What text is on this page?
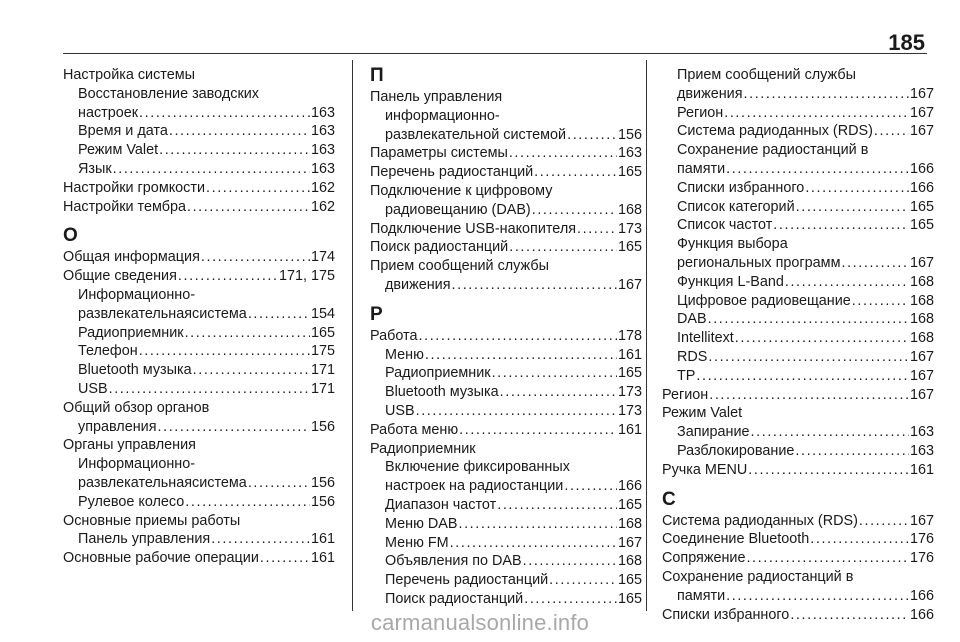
185
Настройка системы
Восстановление заводских
настроек . . .	163
Время и дата . . .	163
Режим Valet . . .	163
Язык . . .	163
Настройки громкости . . .	162
Настройки тембра . . .	162
О
Общая информация . . .	174
Общие сведения . . .	171, 175
Информационно-
развлекательнаясистема . . .	154
Радиоприемник . . .	165
Телефон . . .	175
Bluetooth музыка . . .	171
USB . . .	171
Общий обзор органов
управления . . .	156
Органы управления
Информационно-
развлекательнаясистема . . .	156
Рулевое колесо . . .	156
Основные приемы работы
Панель управления . . .	161
Основные рабочие операции . . .	161
П
Панель управления
информационно-
развлекательной системой . . .	156
Параметры системы . . .	163
Перечень радиостанций . . .	165
Подключение к цифровому
радиовещанию (DAB) . . .	168
Подключение USB-накопителя . . .	173
Поиск радиостанций . . .	165
Прием сообщений службы
движения . . .	167
Р
Работа . . .	178
Меню . . .	161
Радиоприемник . . .	165
Bluetooth музыка . . .	173
USB . . .	173
Работа меню . . .	161
Радиоприемник
Включение фиксированных
настроек на радиостанции . . .	166
Диапазон частот . . .	165
Меню DAB . . .	168
Меню FM . . .	167
Объявления по DAB . . .	168
Перечень радиостанций . . .	165
Поиск радиостанций . . .	165
Прием сообщений службы
движения . . .	167
Регион . . .	167
Система радиоданных (RDS) . . .	167
Сохранение радиостанций в
памяти . . .	166
Списки избранного . . .	166
Список категорий . . .	165
Список частот . . .	165
Функция выбора
региональных программ . . .	167
Функция L-Band . . .	168
Цифровое радиовещание . . .	168
DAB . . .	168
Intellitext . . .	168
RDS . . .	167
TP . . .	167
Регион . . .	167
Режим Valet
Запирание . . .	163
Разблокирование . . .	163
Ручка MENU . . .	161
С
Система радиоданных (RDS) . . .	167
Соединение Bluetooth . . .	176
Сопряжение . . .	176
Сохранение радиостанций в
памяти . . .	166
Списки избранного . . .	166
carmanualsonline.info
